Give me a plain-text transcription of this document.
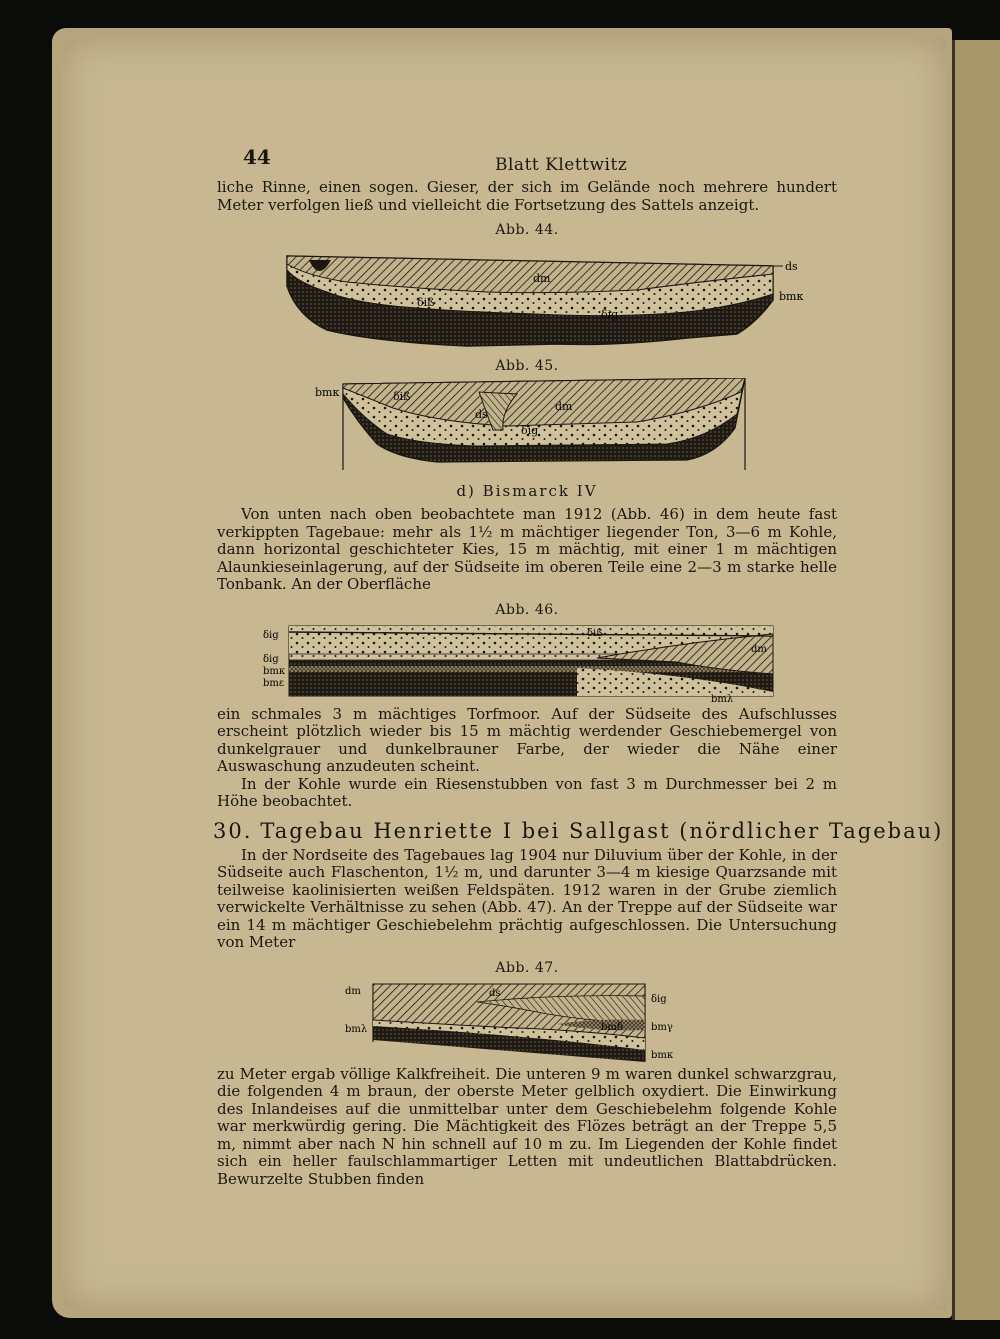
44	Blatt Klettwitz

liche Rinne, einen sogen. Gieser, der sich im Gelände noch mehrere hundert Meter verfolgen ließ und vielleicht die Fortsetzung des Sattels anzeigt.

Abb. 44.
dm
δiß
δig
ds
bmκ
Abb. 45.
bmκ	δiß
ds
dm
δig
d) Bismarck IV

Von unten nach oben beobachtete man 1912 (Abb. 46) in dem heute fast verkippten Tagebaue: mehr als 1½ m mächtiger liegender Ton, 3—6 m Kohle, dann horizontal geschichteter Kies, 15 m mächtig, mit einer 1 m mächtigen Alaunkieseinlagerung, auf der Südseite im oberen Teile eine 2—3 m starke helle Tonbank. An der Oberfläche

Abb. 46.
δig	δiß
δig
bmκ
bmε
dm
bmλ

ein schmales 3 m mächtiges Torfmoor. Auf der Südseite des Aufschlusses erscheint plötzlich wieder bis 15 m mächtig werdender Geschiebemergel von dunkelgrauer und dunkelbrauner Farbe, der wieder die Nähe einer Auswaschung anzudeuten scheint.

In der Kohle wurde ein Riesenstubben von fast 3 m Durchmesser bei 2 m Höhe beobachtet.

30. Tagebau Henriette I bei Sallgast (nördlicher Tagebau)

In der Nordseite des Tagebaues lag 1904 nur Diluvium über der Kohle, in der Südseite auch Flaschenton, 1½ m, und darunter 3—4 m kiesige Quarzsande mit teilweise kaolinisierten weißen Feldspäten. 1912 waren in der Grube ziemlich verwickelte Verhältnisse zu sehen (Abb. 47). An der Treppe auf der Südseite war ein 14 m mächtiger Geschiebelehm prächtig aufgeschlossen. Die Untersuchung von Meter

Abb. 47.
dm	ds
δig
bmγ
bmδ
bmλ
bmκ

zu Meter ergab völlige Kalkfreiheit. Die unteren 9 m waren dunkel schwarzgrau, die folgenden 4 m braun, der oberste Meter gelblich oxydiert. Die Einwirkung des Inlandeises auf die unmittelbar unter dem Geschiebelehm folgende Kohle war merkwürdig gering. Die Mächtigkeit des Flözes beträgt an der Treppe 5,5 m, nimmt aber nach N hin schnell auf 10 m zu. Im Liegenden der Kohle findet sich ein heller faulschlammartiger Letten mit undeutlichen Blattabdrücken. Bewurzelte Stubben finden
